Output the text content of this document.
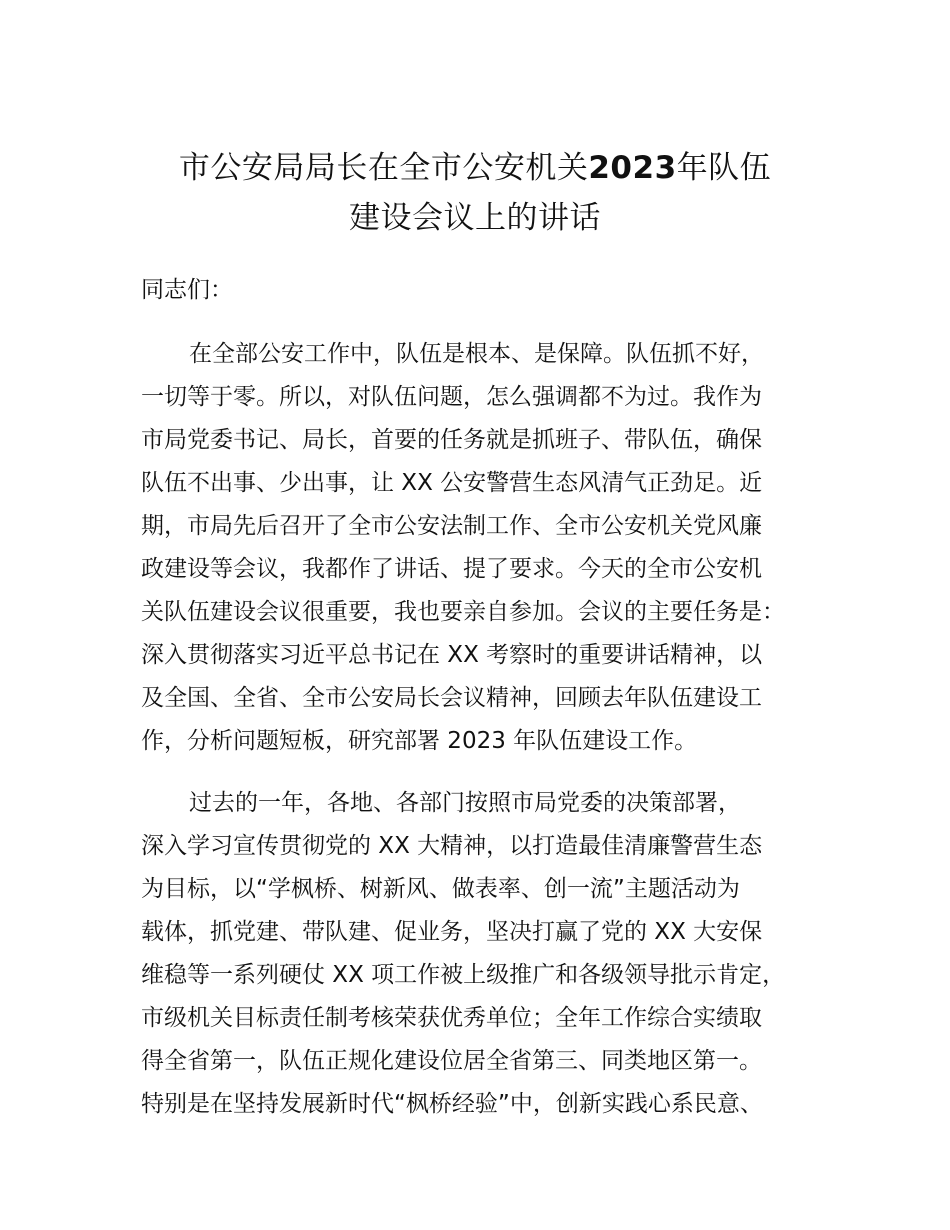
市公安局局长在全市公安机关2023年队伍
建设会议上的讲话

同志们：

在全部公安工作中，队伍是根本、是保障。队伍抓不好，

一切等于零。所以，对队伍问题，怎么强调都不为过。我作为

市局党委书记、局长，首要的任务就是抓班子、带队伍，确保

队伍不出事、少出事，让 XX 公安警营生态风清气正劲足。近

期，市局先后召开了全市公安法制工作、全市公安机关党风廉

政建设等会议，我都作了讲话、提了要求。今天的全市公安机

关队伍建设会议很重要，我也要亲自参加。会议的主要任务是：

深入贯彻落实习近平总书记在 XX 考察时的重要讲话精神，以

及全国、全省、全市公安局长会议精神，回顾去年队伍建设工

作，分析问题短板，研究部署 2023 年队伍建设工作。

过去的一年，各地、各部门按照市局党委的决策部署，

深入学习宣传贯彻党的 XX 大精神，以打造最佳清廉警营生态

为目标，以“学枫桥、树新风、做表率、创一流”主题活动为

载体，抓党建、带队建、促业务，坚决打赢了党的 XX 大安保

维稳等一系列硬仗 XX 项工作被上级推广和各级领导批示肯定，

市级机关目标责任制考核荣获优秀单位；全年工作综合实绩取

得全省第一，队伍正规化建设位居全省第三、同类地区第一。

特别是在坚持发展新时代“枫桥经验”中，创新实践心系民意、
